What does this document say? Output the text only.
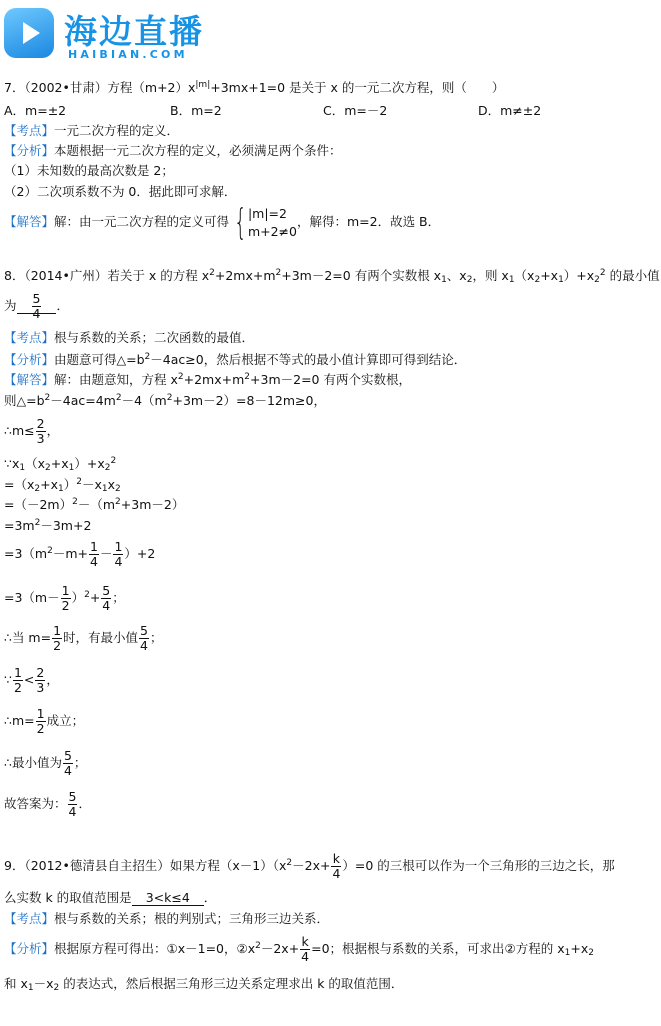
海边直播
HAIBIAN.COM
7．（2002•甘肃）方程$(m+2)x^{|m|}+3mx+1=0$ 是关于 x 的一元二次方程，则（　　）
A．m=±2	B．m=2	C．m=－2	D．m≠±2
【考点】一元二次方程的定义．
【分析】本题根据一元二次方程的定义，必须满足两个条件：
（1）未知数的最高次数是 2；
（2）二次项系数不为 0．据此即可求解．
【解答】解：由一元二次方程的定义可得 { |m|=2
m+2≠0
，解得：m=2．故选 B．
8．（2014•广州）若关于 x 的方程 $x^2+2mx+m^2+3m-2=0$ 有两个实数根 $x_1$、$x_2$，则 $x_1(x_2+x_1)+x_2^2$ 的最小值
为 $\frac{5}{4}$ ．
【考点】根与系数的关系；二次函数的最值．
【分析】由题意可得$\triangle=b^2-4ac\ge 0$，然后根据不等式的最小值计算即可得到结论．
【解答】解：由题意知，方程 $x^2+2mx+m^2+3m-2=0$ 有两个实数根，
则$\triangle=b^2-4ac=4m^2-4(m^2+3m-2)=8-12m\ge 0$，
∴m≤ $\frac{2}{3}$ ，
$\because x_1(x_2+x_1)+x_2^2$
$=(x_2+x_1)^2-x_1x_2$
$=(-2m)^2-(m^2+3m-2)$
$=3m^2-3m+2$
$=3(m^2-m+ \frac{1}{4} - \frac{1}{4} )+2$
$=3(m- \frac{1}{2} )^2+ \frac{5}{4}$ ；
∴当 $m= \frac{1}{2}$ 时，有最小值 $\frac{5}{4}$ ；
∵ $\frac{1}{2} < \frac{2}{3}$ ，
∴m= $\frac{1}{2}$ 成立；
∴最小值为 $\frac{5}{4}$ ；
故答案为： $\frac{5}{4}$ ．
9．（2012•德清县自主招生）如果方程$(x-1)(x^2-2x+ \frac{k}{4} )=0$ 的三根可以作为一个三角形的三边之长，那
么实数 k 的取值范围是 3<k≤4 ．
【考点】根与系数的关系；根的判别式；三角形三边关系．
【分析】根据原方程可得出：①x－1=0，$②x^2-2x+ \frac{k}{4} =0$；根据根与系数的关系，可求出②方程的 $x_1+x_2$
和 $x_1-x_2$ 的表达式，然后根据三角形三边关系定理求出 k 的取值范围．
